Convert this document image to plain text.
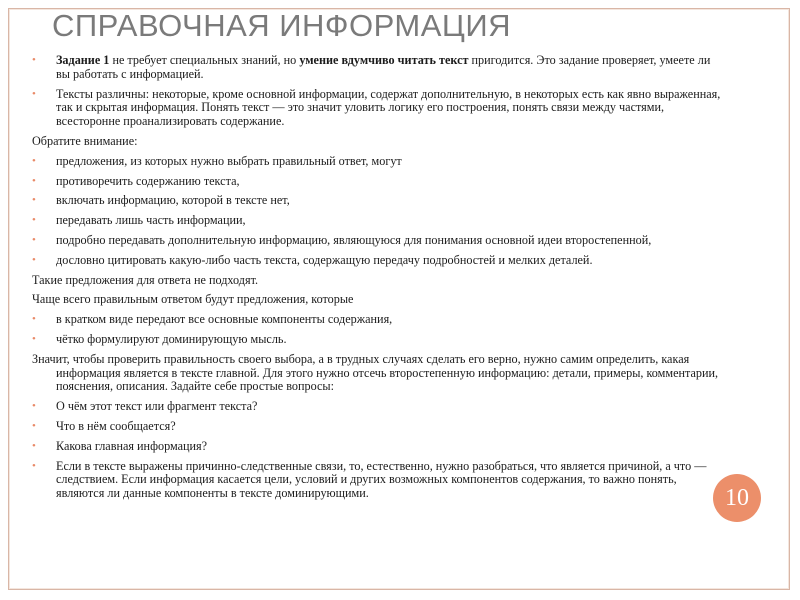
СПРАВОЧНАЯ ИНФОРМАЦИЯ
• Задание 1 не требует специальных знаний, но умение вдумчиво читать текст пригодится. Это задание проверяет, умеете ли вы работать с информацией.
• Тексты различны: некоторые, кроме основной информации, содержат дополнительную, в некоторых есть как явно выраженная, так и скрытая информация. Понять текст — это значит уловить логику его построения, понять связи между частями, всесторонне проанализировать содержание.
Обратите внимание:
• предложения, из которых нужно выбрать правильный ответ, могут
• противоречить содержанию текста,
• включать информацию, которой в тексте нет,
• передавать лишь часть информации,
• подробно передавать дополнительную информацию, являющуюся для понимания основной идеи второстепенной,
• дословно цитировать какую-либо часть текста, содержащую передачу подробностей и мелких деталей.
Такие предложения для ответа не подходят.
Чаще всего правильным ответом будут предложения, которые
• в кратком виде передают все основные компоненты содержания,
• чётко формулируют доминирующую мысль.
Значит, чтобы проверить правильность своего выбора, а в трудных случаях сделать его верно, нужно самим определить, какая информация является в тексте главной. Для этого нужно отсечь второстепенную информацию: детали, примеры, комментарии, пояснения, описания. Задайте себе простые вопросы:
• О чём этот текст или фрагмент текста?
• Что в нём сообщается?
• Какова главная информация?
• Если в тексте выражены причинно-следственные связи, то, естественно, нужно разобраться, что является причиной, а что — следствием. Если информация касается цели, условий и других возможных компонентов содержания, то важно понять, являются ли данные компоненты в тексте доминирующими.	10
